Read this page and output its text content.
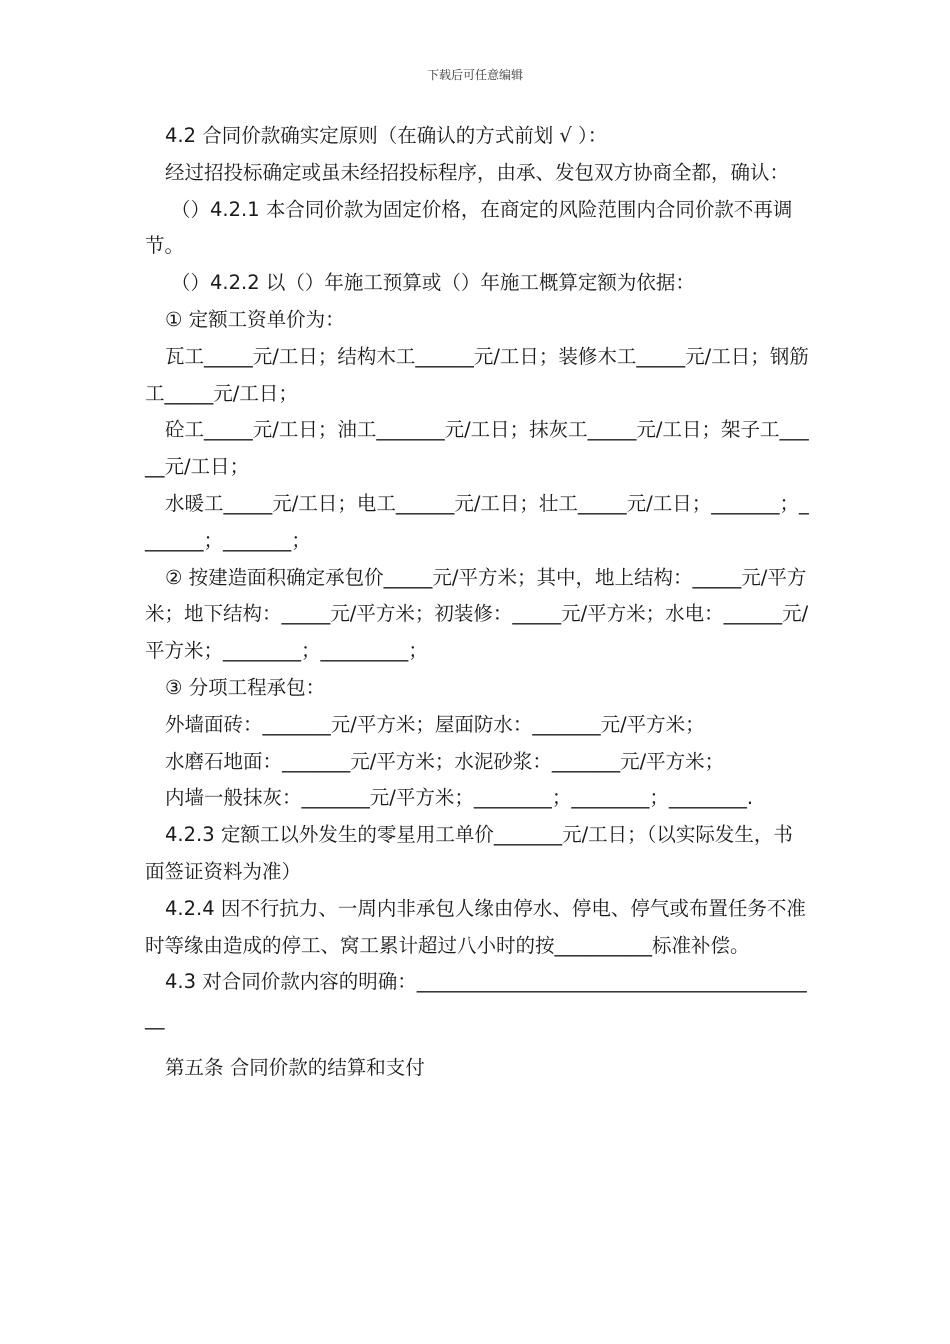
下载后可任意编辑

4.2 合同价款确实定原则（在确认的方式前划 √ ）：

经过招投标确定或虽未经招投标程序，由承、发包双方协商全都，确认：

（）4.2.1 本合同价款为固定价格，在商定的风险范围内合同价款不再调节。

（）4.2.2 以（）年施工预算或（）年施工概算定额为依据：

① 定额工资单价为：

瓦工_____元/工日；结构木工______元/工日；装修木工_____元/工日；钢筋工_____元/工日；

砼工_____元/工日；油工_______元/工日；抹灰工_____元/工日；架子工_____元/工日；

水暖工_____元/工日；电工______元/工日；壮工_____元/工日；_______；_______；_______；

② 按建造面积确定承包价_____元/平方米；其中，地上结构：_____元/平方米；地下结构：_____元/平方米；初装修：_____元/平方米；水电：______元/平方米；________；_________；

③ 分项工程承包：

外墙面砖：_______元/平方米；屋面防水：_______元/平方米；

水磨石地面：_______元/平方米；水泥砂浆：_______元/平方米；

内墙一般抹灰：_______元/平方米；________；________；________.

4.2.3 定额工以外发生的零星用工单价_______元/工日；（以实际发生，书面签证资料为准）

4.2.4 因不行抗力、一周内非承包人缘由停水、停电、停气或布置任务不准时等缘由造成的停工、窝工累计超过八小时的按__________标准补偿。

4.3 对合同价款内容的明确：__________________________________________

第五条 合同价款的结算和支付
